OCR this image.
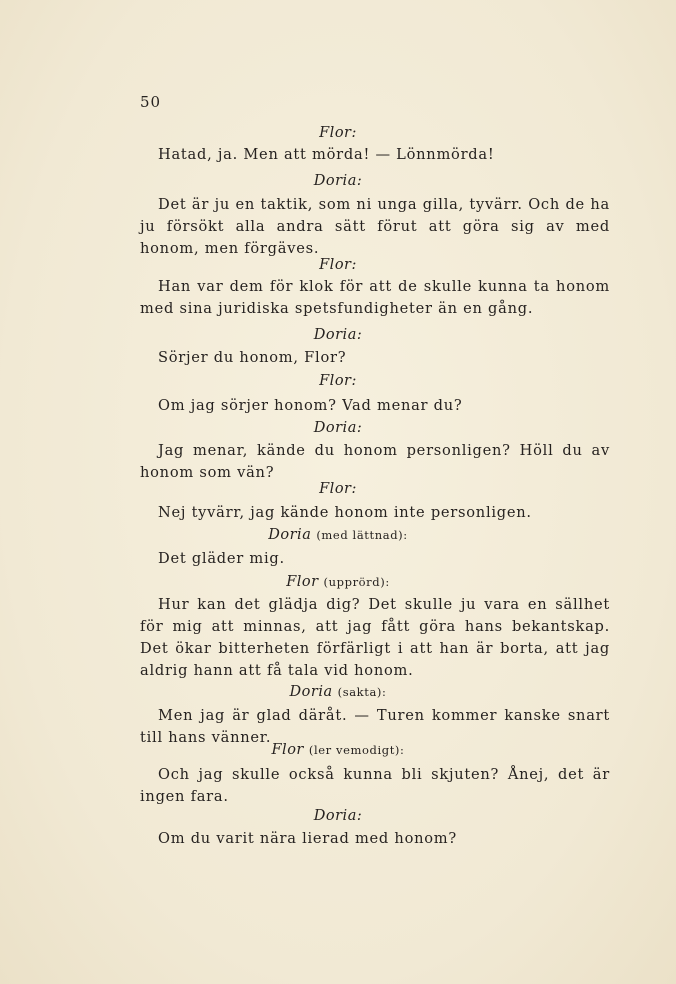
50
Flor:
Hatad, ja. Men att mörda! — Lönnmörda!
Doria:
Det är ju en taktik, som ni unga gilla, tyvärr. Och de ha ju försökt alla andra sätt förut att göra sig av med honom, men förgäves.
Flor:
Han var dem för klok för att de skulle kunna ta honom med sina juridiska spetsfundigheter än en gång.
Doria:
Sörjer du honom, Flor?
Flor:
Om jag sörjer honom? Vad menar du?
Doria:
Jag menar, kände du honom personligen? Höll du av honom som vän?
Flor:
Nej tyvärr, jag kände honom inte personligen.
Doria (med lättnad):
Det gläder mig.
Flor (upprörd):
Hur kan det glädja dig? Det skulle ju vara en sällhet för mig att minnas, att jag fått göra hans bekantskap. Det ökar bitterheten förfärligt i att han är borta, att jag aldrig hann att få tala vid honom.
Doria (sakta):
Men jag är glad däråt. — Turen kommer kanske snart till hans vänner.
Flor (ler vemodigt):
Och jag skulle också kunna bli skjuten? Ånej, det är ingen fara.
Doria:
Om du varit nära lierad med honom?
